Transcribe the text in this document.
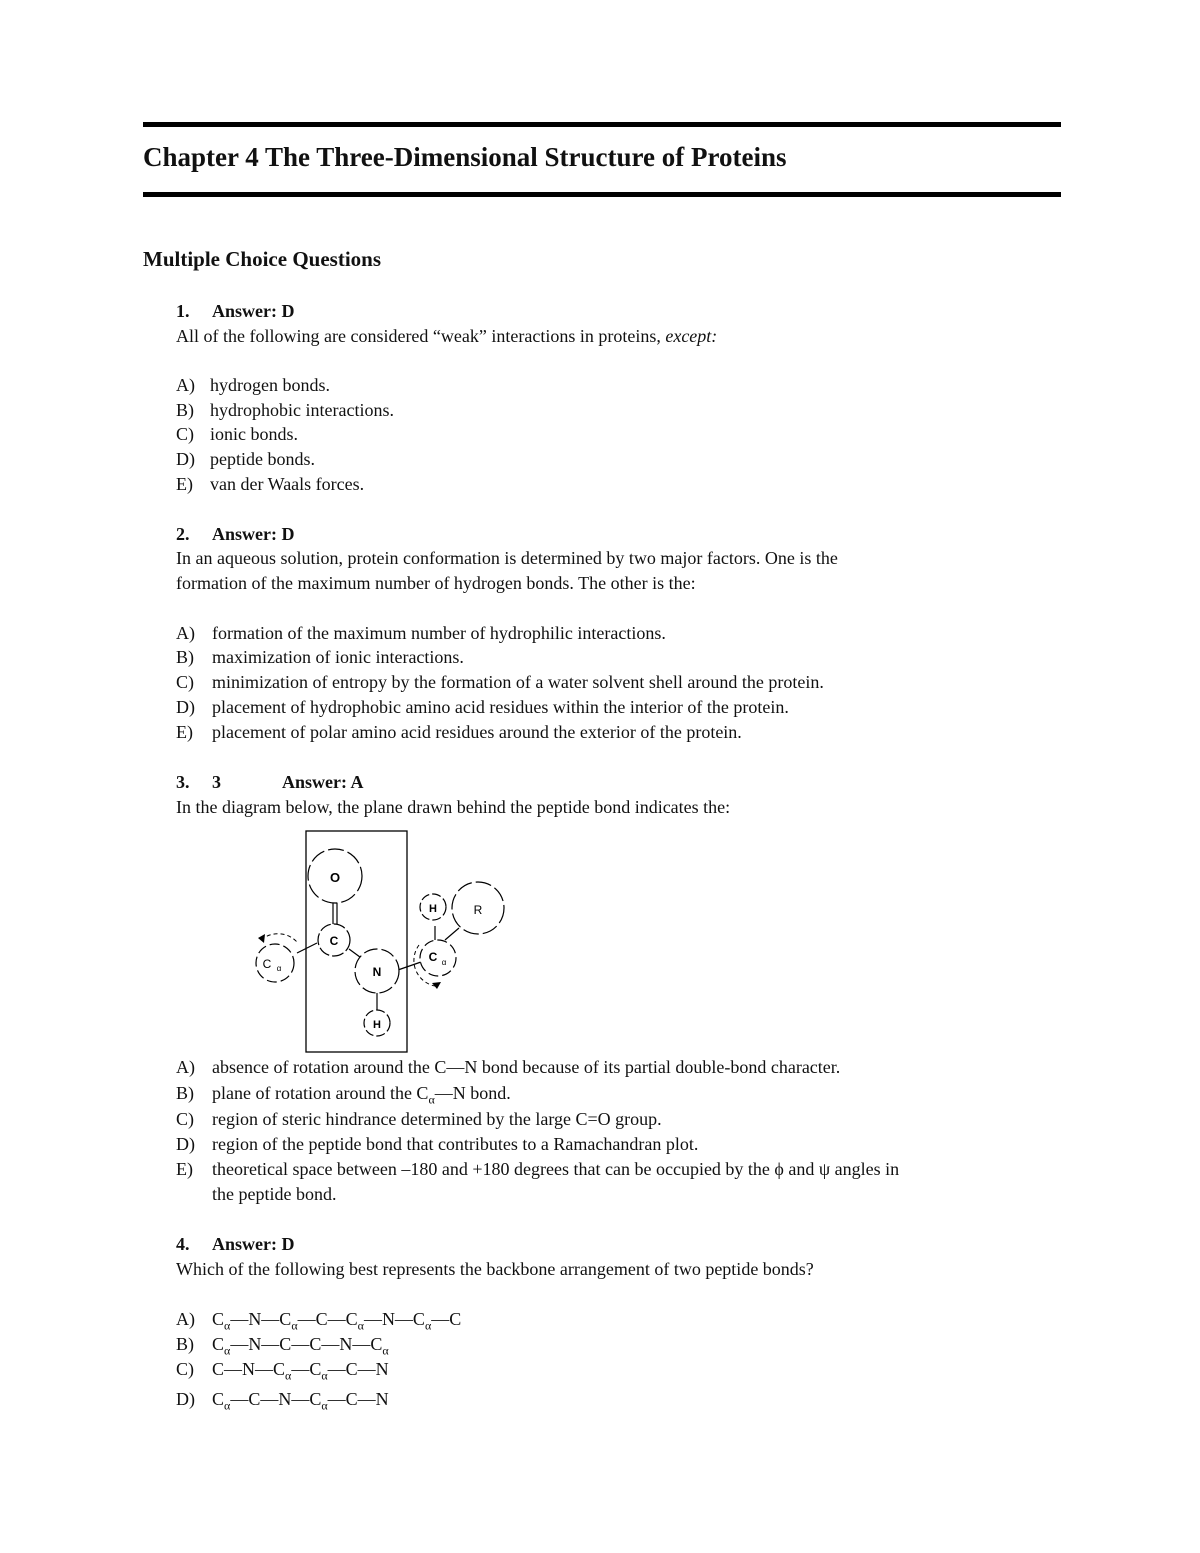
Chapter 4 The Three-Dimensional Structure of Proteins
Multiple Choice Questions
1. Answer: D
All of the following are considered “weak” interactions in proteins, except:
A) hydrogen bonds.
B) hydrophobic interactions.
C) ionic bonds.
D) peptide bonds.
E) van der Waals forces.
2. Answer: D
In an aqueous solution, protein conformation is determined by two major factors. One is the
formation of the maximum number of hydrogen bonds. The other is the:
A) formation of the maximum number of hydrophilic interactions.
B) maximization of ionic interactions.
C) minimization of entropy by the formation of a water solvent shell around the protein.
D) placement of hydrophobic amino acid residues within the interior of the protein.
E) placement of polar amino acid residues around the exterior of the protein.
3. 3	Answer: A
In the diagram below, the plane drawn behind the peptide bond indicates the:
O
C
N
H
H	R
C α
C α
A) absence of rotation around the C—N bond because of its partial double-bond character.
B) plane of rotation around the $C_\alpha—N$ bond.
C) region of steric hindrance determined by the large C=O group.
D) region of the peptide bond that contributes to a Ramachandran plot.
E) theoretical space between –180 and +180 degrees that can be occupied by the ϕ and ψ angles in
the peptide bond.
4. Answer: D
Which of the following best represents the backbone arrangement of two peptide bonds?
A) $C_\alpha—N—C_\alpha—C—C_\alpha—N—C_\alpha—C$
B) $C_\alpha—N—C—C—N—C_\alpha$
C) $C—N—C_\alpha—C_\alpha—C—N$
D) $C_\alpha—C—N—C_\alpha—C—N$
